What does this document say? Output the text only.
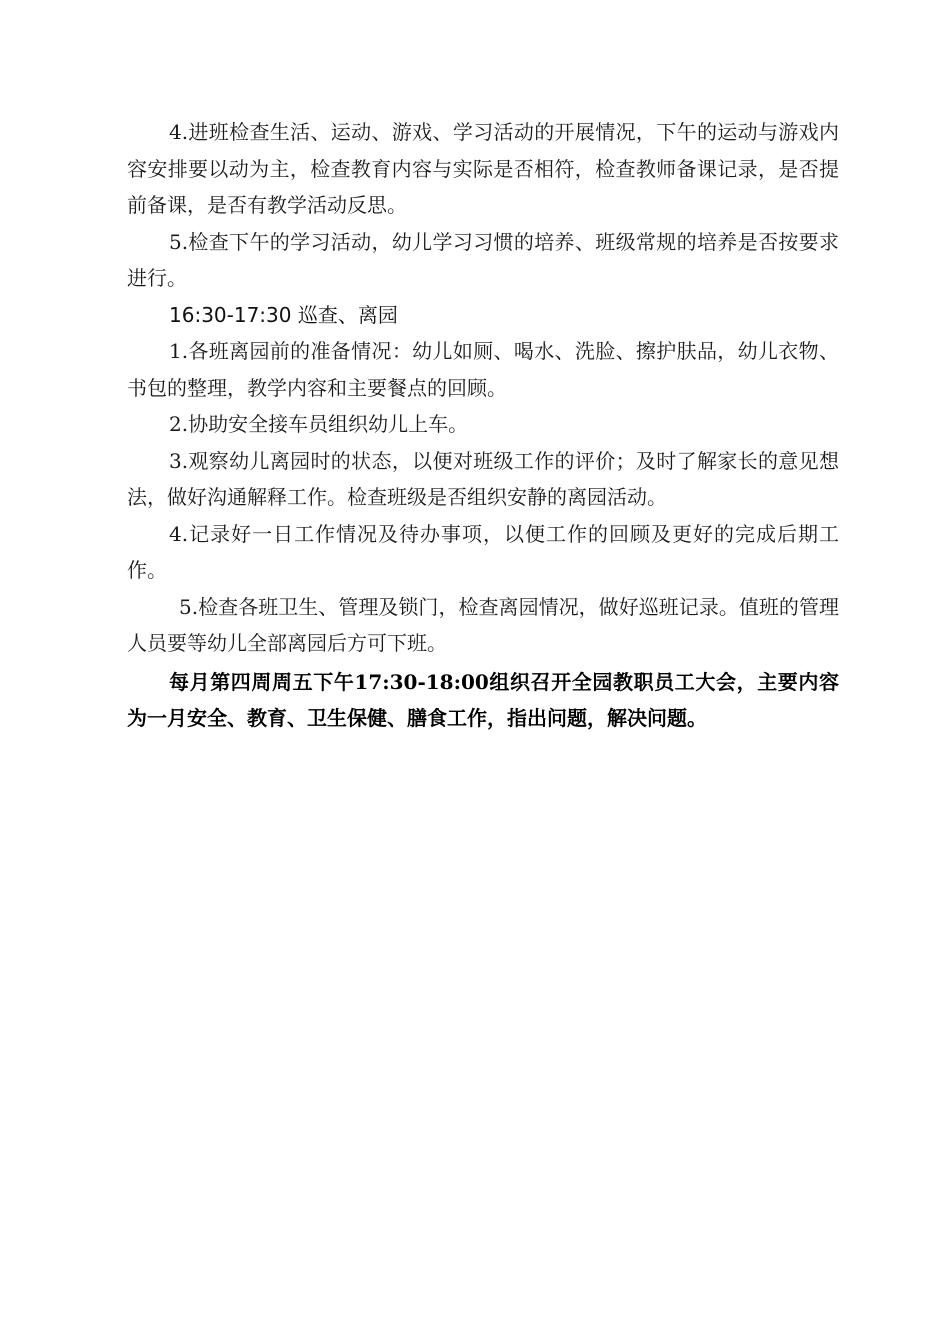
4.进班检查生活、运动、游戏、学习活动的开展情况，下午的运动与游戏内容安排要以动为主，检查教育内容与实际是否相符，检查教师备课记录，是否提前备课，是否有教学活动反思。

5.检查下午的学习活动，幼儿学习习惯的培养、班级常规的培养是否按要求进行。

16:30-17:30 巡查、离园

1.各班离园前的准备情况：幼儿如厕、喝水、洗脸、擦护肤品，幼儿衣物、书包的整理，教学内容和主要餐点的回顾。

2.协助安全接车员组织幼儿上车。

3.观察幼儿离园时的状态，以便对班级工作的评价；及时了解家长的意见想法，做好沟通解释工作。检查班级是否组织安静的离园活动。

4.记录好一日工作情况及待办事项，以便工作的回顾及更好的完成后期工作。

5.检查各班卫生、管理及锁门，检查离园情况，做好巡班记录。值班的管理人员要等幼儿全部离园后方可下班。

每月第四周周五下午17:30-18:00组织召开全园教职员工大会，主要内容为一月安全、教育、卫生保健、膳食工作，指出问题，解决问题。
